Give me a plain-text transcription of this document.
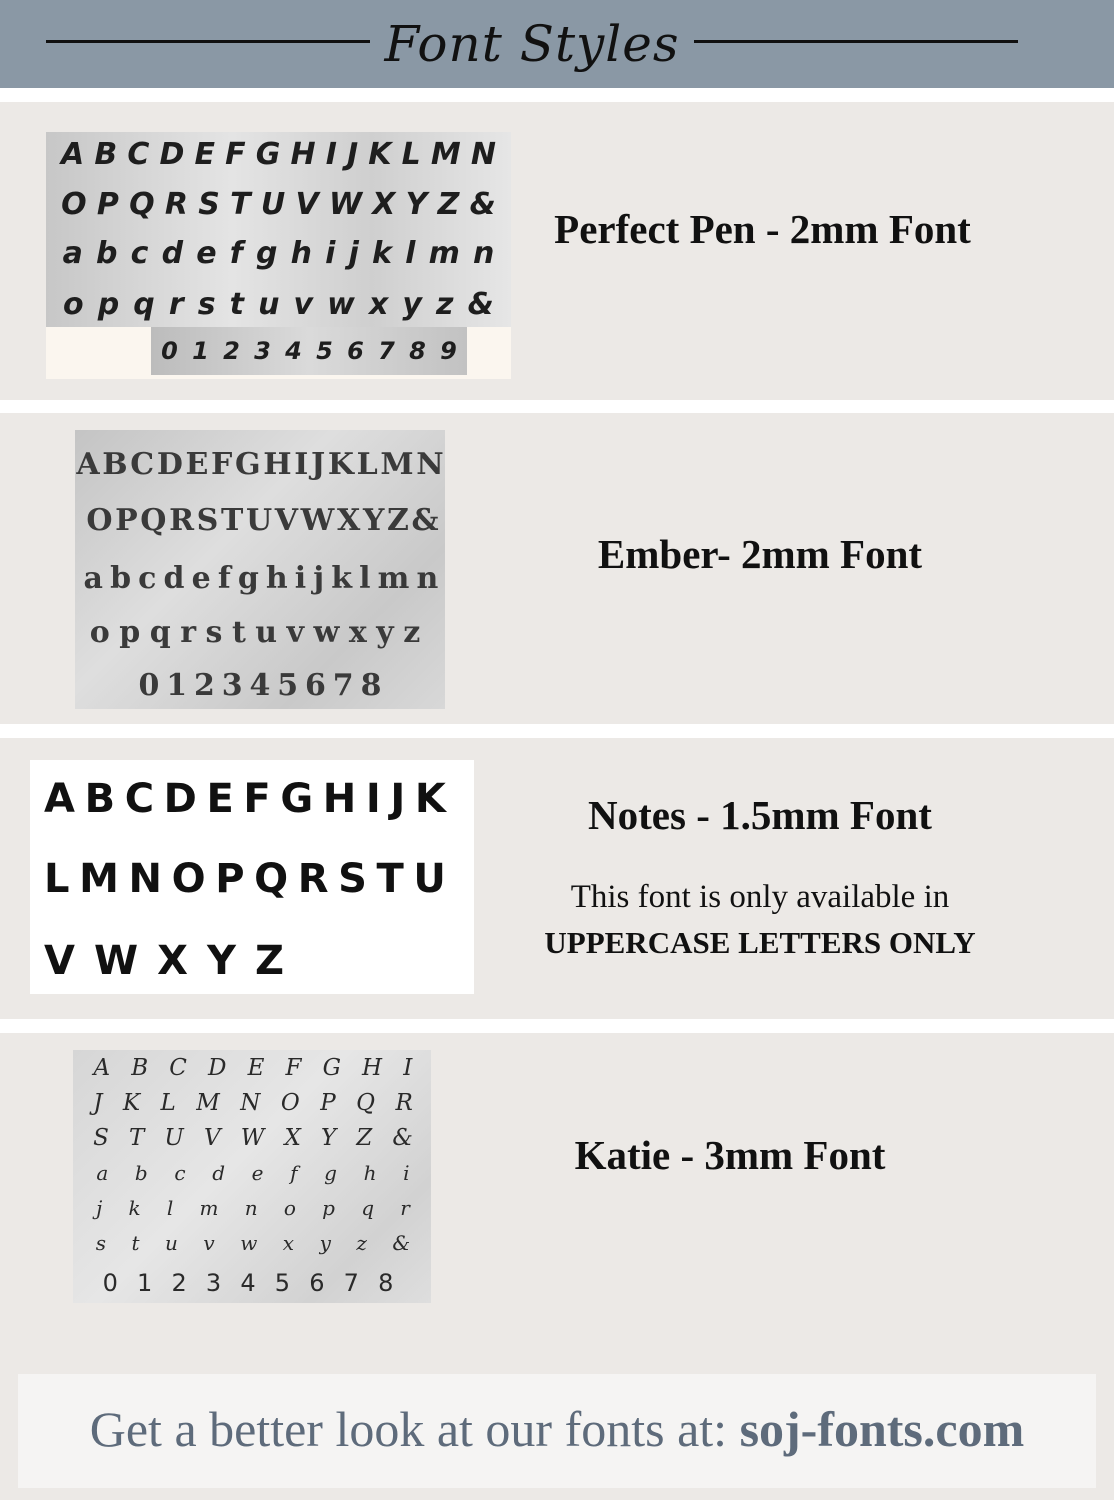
Font Styles
A B C D E F G H I J K L M N
O P Q R S T U V W X Y Z &
a b c d e f g h i j k l m n
o p q r s t u v w x y z &
0 1 2 3 4 5 6 7 8 9
Perfect Pen - 2mm Font
A B C D E F G H I J K L M N
O P Q R S T U V W X Y Z &
a b c d e f g h i j k l m n
o p q r s t u v w x y z
0 1 2 3 4 5 6 7 8
Ember- 2mm Font
A B C D E F G H I J K
L M N O P Q R S T U
V W X Y Z
Notes - 1.5mm Font
This font is only available in
UPPERCASE LETTERS ONLY
A B C D E F G H I
J K L M N O P Q R
S T U V W X Y Z &
a b c d e f g h i
j k l m n o p q r
s t u v w x y z &
0 1 2 3 4 5 6 7 8
Katie - 3mm Font
Get a better look at our fonts at: soj-fonts.com
